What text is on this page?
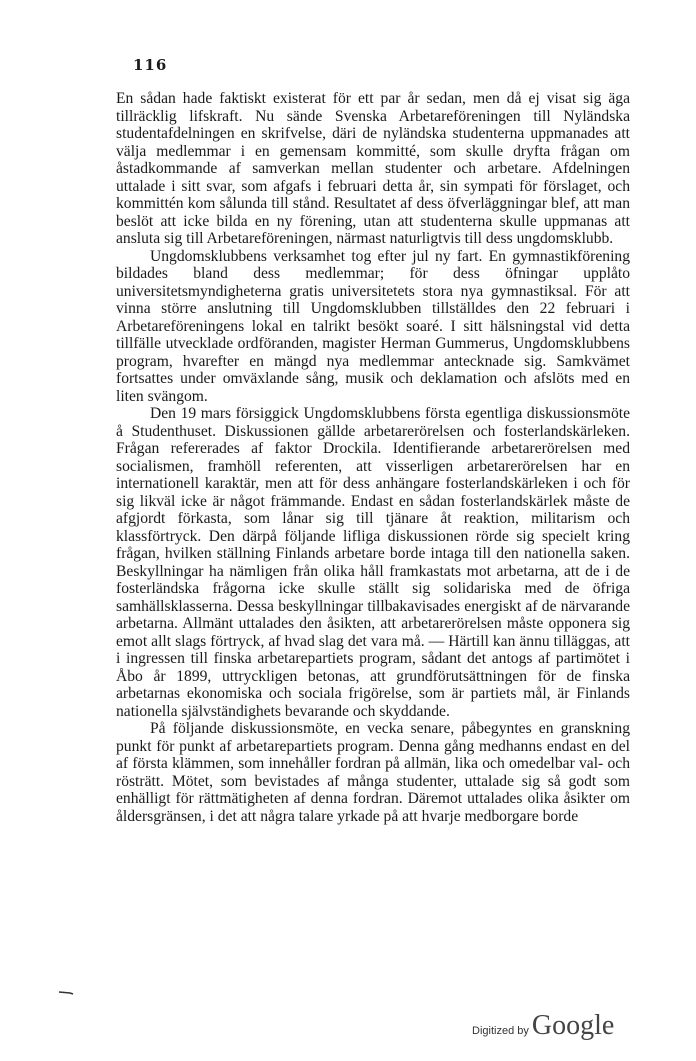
116

En sådan hade faktiskt existerat för ett par år sedan, men då ej visat sig äga tillräcklig lifskraft. Nu sände Svenska Arbetareföreningen till Nyländska studentafdelningen en skrifvelse, däri de nyländska studenterna uppmanades att välja medlemmar i en gemensam kommitté, som skulle dryfta frågan om åstadkommande af samverkan mellan studenter och arbetare. Afdelningen uttalade i sitt svar, som afgafs i februari detta år, sin sympati för förslaget, och kommittén kom sålunda till stånd. Resultatet af dess öfverläggningar blef, att man beslöt att icke bilda en ny förening, utan att studenterna skulle uppmanas att ansluta sig till Arbetareföreningen, närmast naturligtvis till dess ungdomsklubb.

Ungdomsklubbens verksamhet tog efter jul ny fart. En gymnastikförening bildades bland dess medlemmar; för dess öfningar upplåto universitetsmyndigheterna gratis universitetets stora nya gymnastiksal. För att vinna större anslutning till Ungdomsklubben tillställdes den 22 februari i Arbetareföreningens lokal en talrikt besökt soaré. I sitt hälsningstal vid detta tillfälle utvecklade ordföranden, magister Herman Gummerus, Ungdomsklubbens program, hvarefter en mängd nya medlemmar antecknade sig. Samkvämet fortsattes under omväxlande sång, musik och deklamation och afslöts med en liten svängom.

Den 19 mars försiggick Ungdomsklubbens första egentliga diskussionsmöte å Studenthuset. Diskussionen gällde arbetarerörelsen och fosterlandskärleken. Frågan refererades af faktor Drockila. Identifierande arbetarerörelsen med socialismen, framhöll referenten, att visserligen arbetarerörelsen har en internationell karaktär, men att för dess anhängare fosterlandskärleken i och för sig likväl icke är något främmande. Endast en sådan fosterlandskärlek måste de afgjordt förkasta, som lånar sig till tjänare åt reaktion, militarism och klassförtryck. Den därpå följande lifliga diskussionen rörde sig specielt kring frågan, hvilken ställning Finlands arbetare borde intaga till den nationella saken. Beskyllningar ha nämligen från olika håll framkastats mot arbetarna, att de i de fosterländska frågorna icke skulle ställt sig solidariska med de öfriga samhällsklasserna. Dessa beskyllningar tillbakavisades energiskt af de närvarande arbetarna. Allmänt uttalades den åsikten, att arbetarerörelsen måste opponera sig emot allt slags förtryck, af hvad slag det vara må. — Härtill kan ännu tilläggas, att i ingressen till finska arbetarepartiets program, sådant det antogs af partimötet i Åbo år 1899, uttryckligen betonas, att grundförutsättningen för de finska arbetarnas ekonomiska och sociala frigörelse, som är partiets mål, är Finlands nationella självständighets bevarande och skyddande.

På följande diskussionsmöte, en vecka senare, påbegyntes en granskning punkt för punkt af arbetarepartiets program. Denna gång medhanns endast en del af första klämmen, som innehåller fordran på allmän, lika och omedelbar val- och rösträtt. Mötet, som bevistades af många studenter, uttalade sig så godt som enhälligt för rättmätigheten af denna fordran. Däremot uttalades olika åsikter om åldersgränsen, i det att några talare yrkade på att hvarje medborgare borde

Digitized by Google
